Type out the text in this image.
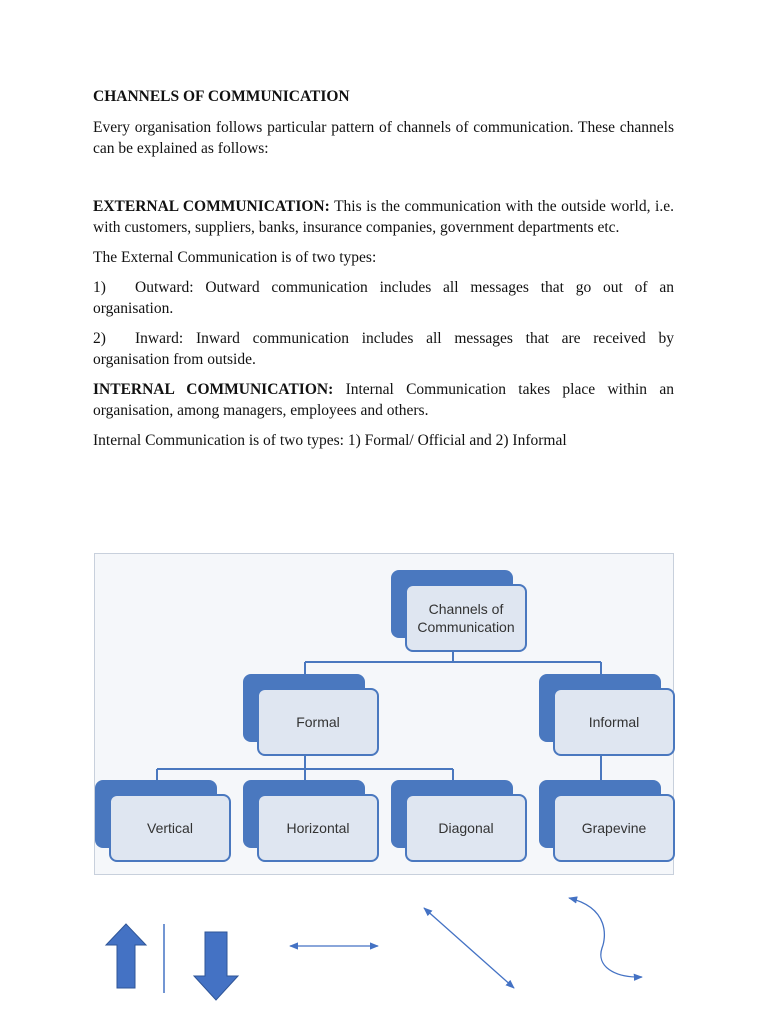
CHANNELS OF COMMUNICATION

Every organisation follows particular pattern of channels of communication. These channels can be explained as follows:

EXTERNAL COMMUNICATION: This is the communication with the outside world, i.e. with customers, suppliers, banks, insurance companies, government departments etc.

The External Communication is of two types:

1) Outward: Outward communication includes all messages that go out of an organisation.

2) Inward: Inward communication includes all messages that are received by organisation from outside.

INTERNAL COMMUNICATION: Internal Communication takes place within an organisation, among managers, employees and others.

Internal Communication is of two types: 1) Formal/ Official and 2) Informal

Channels of Communication
Formal	Informal
Vertical	Horizontal	Diagonal	Grapevine
